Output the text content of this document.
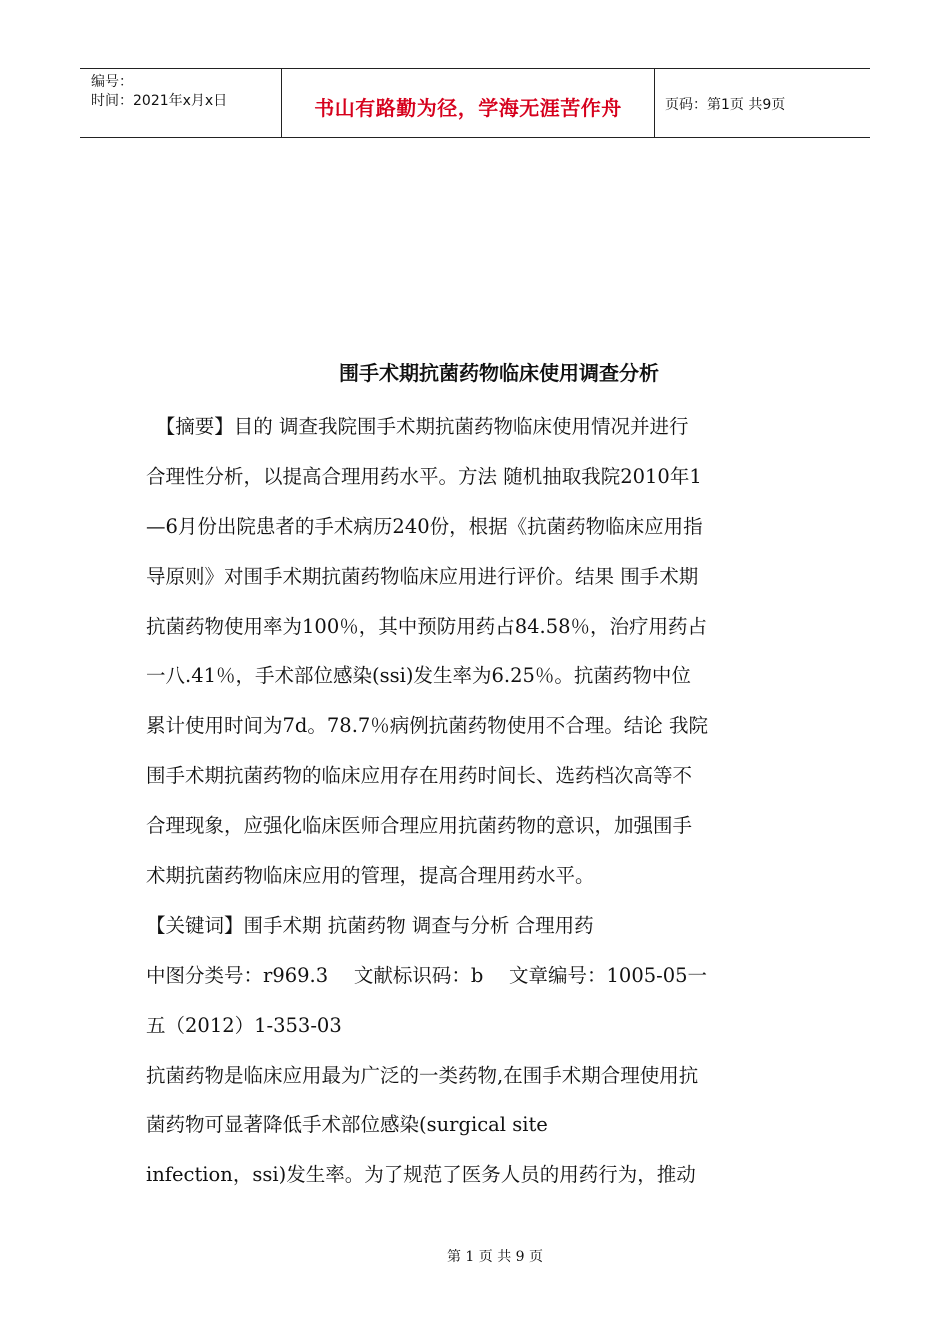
编号：
时间：2021年x月x日	书山有路勤为径，学海无涯苦作舟	页码：第1页 共9页
围手术期抗菌药物临床使用调查分析
　【摘要】目的 调查我院围手术期抗菌药物临床使用情况并进行
合理性分析，以提高合理用药水平。方法 随机抽取我院2010年1
—6月份出院患者的手术病历240份，根据《抗菌药物临床应用指
导原则》对围手术期抗菌药物临床应用进行评价。结果 围手术期
抗菌药物使用率为100％，其中预防用药占84.58％，治疗用药占
一八.41％，手术部位感染(ssi)发生率为6.25％。抗菌药物中位
累计使用时间为7d。78.7％病例抗菌药物使用不合理。结论 我院
围手术期抗菌药物的临床应用存在用药时间长、选药档次高等不
合理现象，应强化临床医师合理应用抗菌药物的意识，加强围手
术期抗菌药物临床应用的管理，提高合理用药水平。
【关键词】围手术期 抗菌药物 调查与分析 合理用药
中图分类号：r969.3　 文献标识码：b　 文章编号：1005-05一
五（2012）1-353-03
抗菌药物是临床应用最为广泛的一类药物,在围手术期合理使用抗
菌药物可显著降低手术部位感染(surgical site
infection，ssi)发生率。为了规范了医务人员的用药行为，推动
第 1 页 共 9 页
